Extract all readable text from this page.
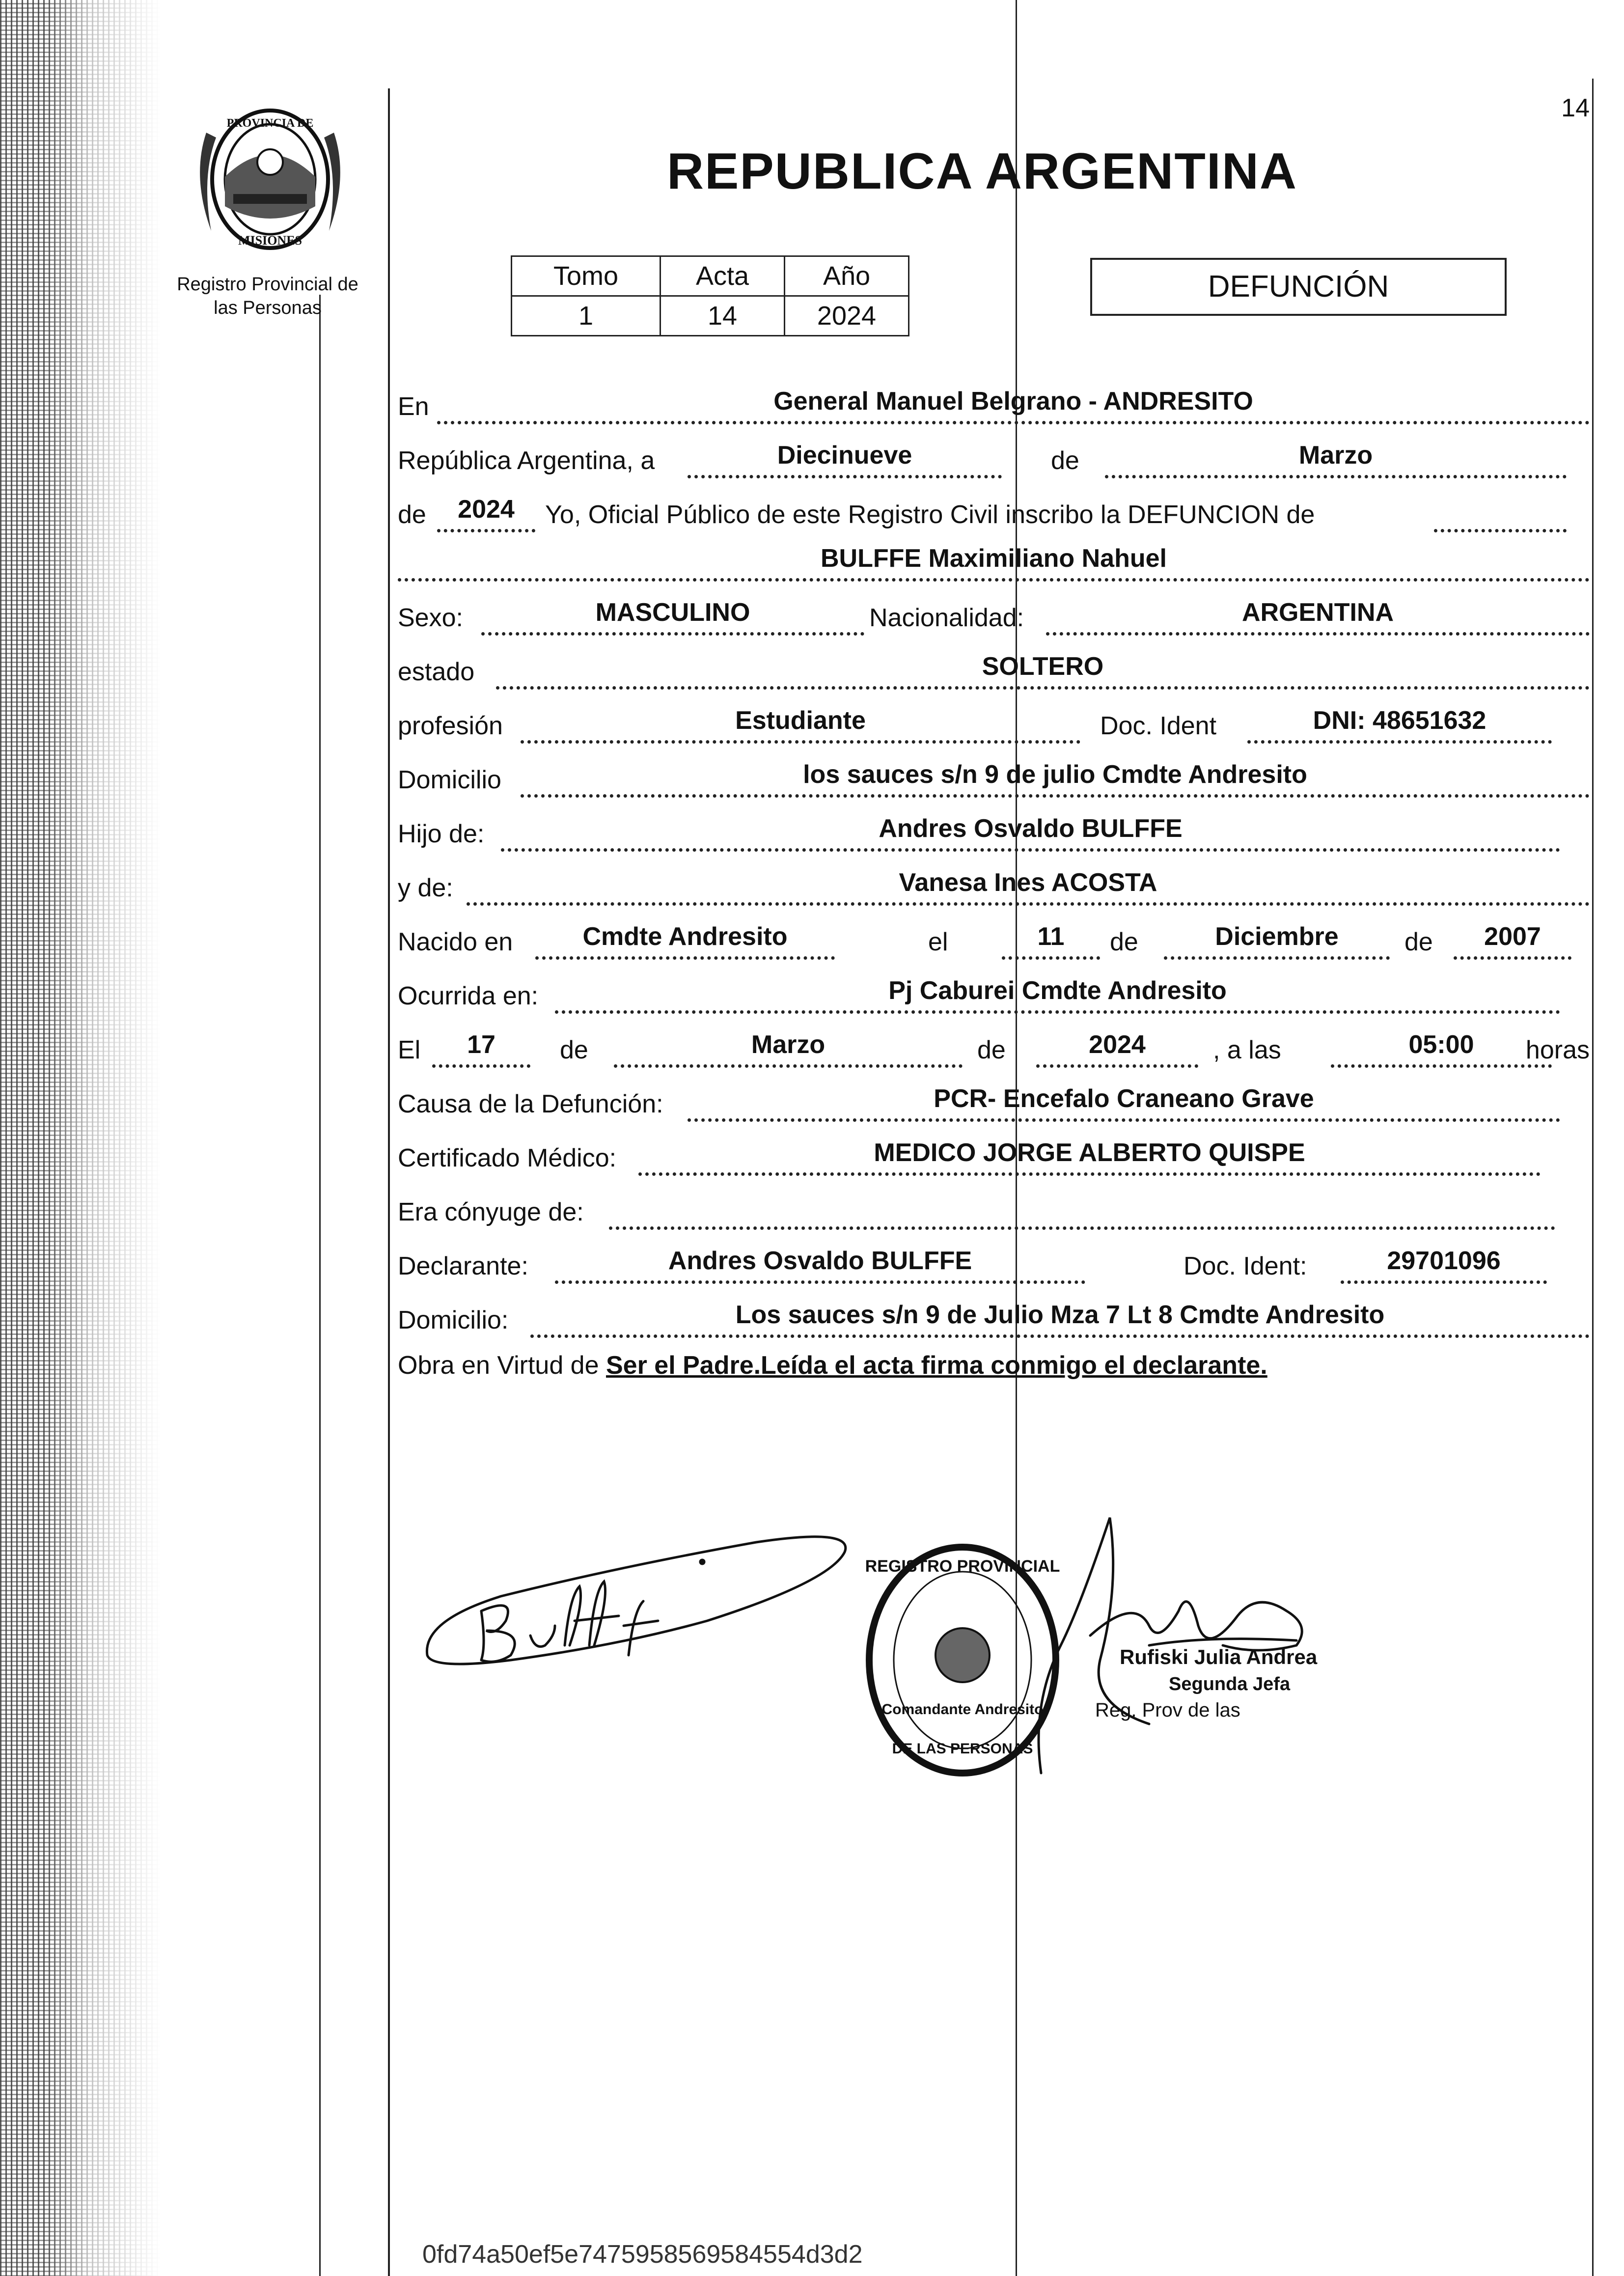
14
PROVINCIA DE
MISIONES
Registro Provincial de
las Personas
REPUBLICA ARGENTINA
Tomo	Acta	Año
1	14	2024
DEFUNCIÓN
En	General Manuel Belgrano - ANDRESITO
República Argentina, a	Diecinueve	de	Marzo
de	2024	Yo, Oficial Público de este Registro Civil inscribo la DEFUNCION de
BULFFE Maximiliano Nahuel
Sexo:	MASCULINO	Nacionalidad:	ARGENTINA
estado	SOLTERO
profesión	Estudiante	Doc. Ident	DNI: 48651632
Domicilio	los sauces s/n 9 de julio Cmdte Andresito
Hijo de:	Andres Osvaldo BULFFE
y de:	Vanesa Ines ACOSTA
Nacido en	Cmdte Andresito	el	11	de	Diciembre	de	2007
Ocurrida en:	Pj Caburei Cmdte Andresito
El	17	de	Marzo	de	2024	, a las	05:00	horas
Causa de la Defunción:	PCR- Encefalo Craneano Grave
Certificado Médico:	MEDICO JORGE ALBERTO QUISPE
Era cónyuge de:
Declarante:	Andres Osvaldo BULFFE	Doc. Ident:	29701096
Domicilio:	Los sauces s/n 9 de Julio Mza 7 Lt 8 Cmdte Andresito
Obra en Virtud de Ser el Padre.Leída el acta firma conmigo el declarante.
REGISTRO PROVINCIAL
DE LAS PERSONAS
Comandante Andresito
Rufiski Julia Andrea
Segunda Jefa
Reg. Prov de las
0fd74a50ef5e7475958569584554d3d2
